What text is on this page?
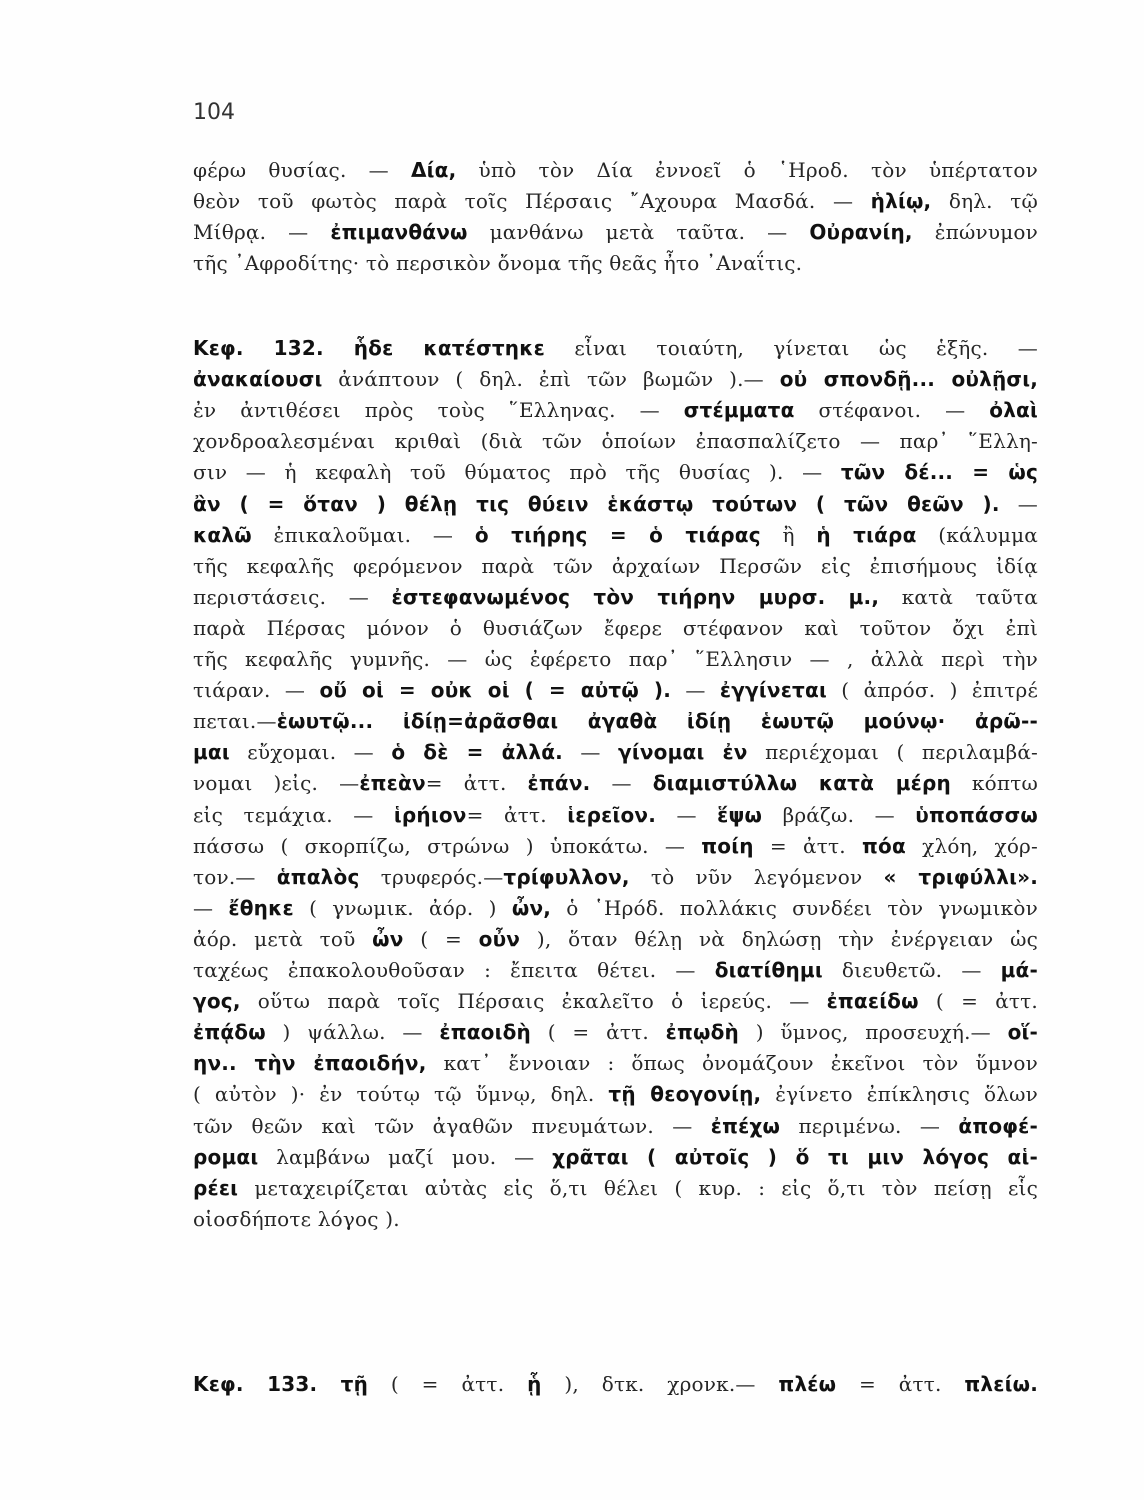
104
φέρω θυσίας. — Δία, ὑπὸ τὸν Δία ἐννοεῖ ὁ ῾Ηροδ. τὸν ὑπέρτατον
θεὸν τοῦ φωτὸς παρὰ τοῖς Πέρσαις ῎Αχουρα Μασδά. — ἡλίῳ, δηλ. τῷ
Μίθρᾳ. — ἐπιμανθάνω μανθάνω μετὰ ταῦτα. — Οὐρανίη, ἐπώνυμον
τῆς ᾿Αφροδίτης· τὸ περσικὸν ὄνομα τῆς θεᾶς ἦτο ᾿Αναΐτις.
Κεφ. 132. ἧδε κατέστηκε εἶναι τοιαύτη, γίνεται ὡς ἑξῆς. —
ἀνακαίουσι ἀνάπτουν ( δηλ. ἐπὶ τῶν βωμῶν ).— οὐ σπονδῇ... οὐλῇσι,
ἐν ἀντιθέσει πρὸς τοὺς ῞Ελληνας. — στέμματα στέφανοι. — ὀλαὶ
χονδροαλεσμέναι κριθαὶ (διὰ τῶν ὁποίων ἐπασπαλίζετο — παρ᾿ ῞Ελλη-
σιν — ἡ κεφαλὴ τοῦ θύματος πρὸ τῆς θυσίας ). — τῶν δέ... = ὡς
ἂν ( = ὅταν ) θέλῃ τις θύειν ἑκάστῳ τούτων ( τῶν θεῶν ). —
καλῶ ἐπικαλοῦμαι. — ὁ τιήρης = ὁ τιάρας ἢ ἡ τιάρα (κάλυμμα
τῆς κεφαλῆς φερόμενον παρὰ τῶν ἀρχαίων Περσῶν εἰς ἐπισήμους ἰδίᾳ
περιστάσεις. — ἐστεφανωμένος τὸν τιήρην μυρσ. μ., κατὰ ταῦτα
παρὰ Πέρσας μόνον ὁ θυσιάζων ἔφερε στέφανον καὶ τοῦτον ὄχι ἐπὶ
τῆς κεφαλῆς γυμνῆς. — ὡς ἐφέρετο παρ᾿ ῞Ελλησιν — , ἀλλὰ περὶ τὴν
τιάραν. — οὔ οἱ = οὐκ οἱ ( = αὐτῷ ). — ἐγγίνεται ( ἀπρόσ. ) ἐπιτρέ
πεται.—ἑωυτῷ... ἰδίῃ=ἀρᾶσθαι ἀγαθὰ ἰδίῃ ἑωυτῷ μούνῳ· ἀρῶ--
μαι εὔχομαι. — ὁ δὲ = ἀλλά. — γίνομαι ἐν περιέχομαι ( περιλαμβά-
νομαι )εἰς. —ἐπεὰν= ἀττ. ἐπάν. — διαμιστύλλω κατὰ μέρη κόπτω
εἰς τεμάχια. — ἱρήιον= ἀττ. ἱερεῖον. — ἕψω βράζω. — ὑποπάσσω
πάσσω ( σκορπίζω, στρώνω ) ὑποκάτω. — ποίη = ἀττ. πόα χλόη, χόρ-
τον.— ἁπαλὸς τρυφερός.—τρίφυλλον, τὸ νῦν λεγόμενον « τριφύλλι».
— ἔθηκε ( γνωμικ. ἀόρ. ) ὦν, ὁ ῾Ηρόδ. πολλάκις συνδέει τὸν γνωμικὸν
ἀόρ. μετὰ τοῦ ὦν ( = οὖν ), ὅταν θέλῃ νὰ δηλώσῃ τὴν ἐνέργειαν ὡς
ταχέως ἐπακολουθοῦσαν : ἔπειτα θέτει. — διατίθημι διευθετῶ. — μά-
γος, οὕτω παρὰ τοῖς Πέρσαις ἐκαλεῖτο ὁ ἱερεύς. — ἐπαείδω ( = ἀττ.
ἐπᾴδω ) ψάλλω. — ἐπαοιδὴ ( = ἀττ. ἐπῳδὴ ) ὕμνος, προσευχή.— οἵ-
ην.. τὴν ἐπαοιδήν, κατ᾿ ἔννοιαν : ὅπως ὀνομάζουν ἐκεῖνοι τὸν ὕμνον
( αὐτὸν )· ἐν τούτῳ τῷ ὕμνῳ, δηλ. τῇ θεογονίῃ, ἐγίνετο ἐπίκλησις ὅλων
τῶν θεῶν καὶ τῶν ἀγαθῶν πνευμάτων. — ἐπέχω περιμένω. — ἀποφέ-
ρομαι λαμβάνω μαζί μου. — χρᾶται ( αὐτοῖς ) ὅ τι μιν λόγος αἱ-
ρέει μεταχειρίζεται αὐτὰς εἰς ὅ,τι θέλει ( κυρ. : εἰς ὅ,τι τὸν πείσῃ εἷς
οἱοσδήποτε λόγος ).
Κεφ. 133. τῇ ( = ἀττ. ᾗ ), δτκ. χρονκ.— πλέω = ἀττ. πλείω.
